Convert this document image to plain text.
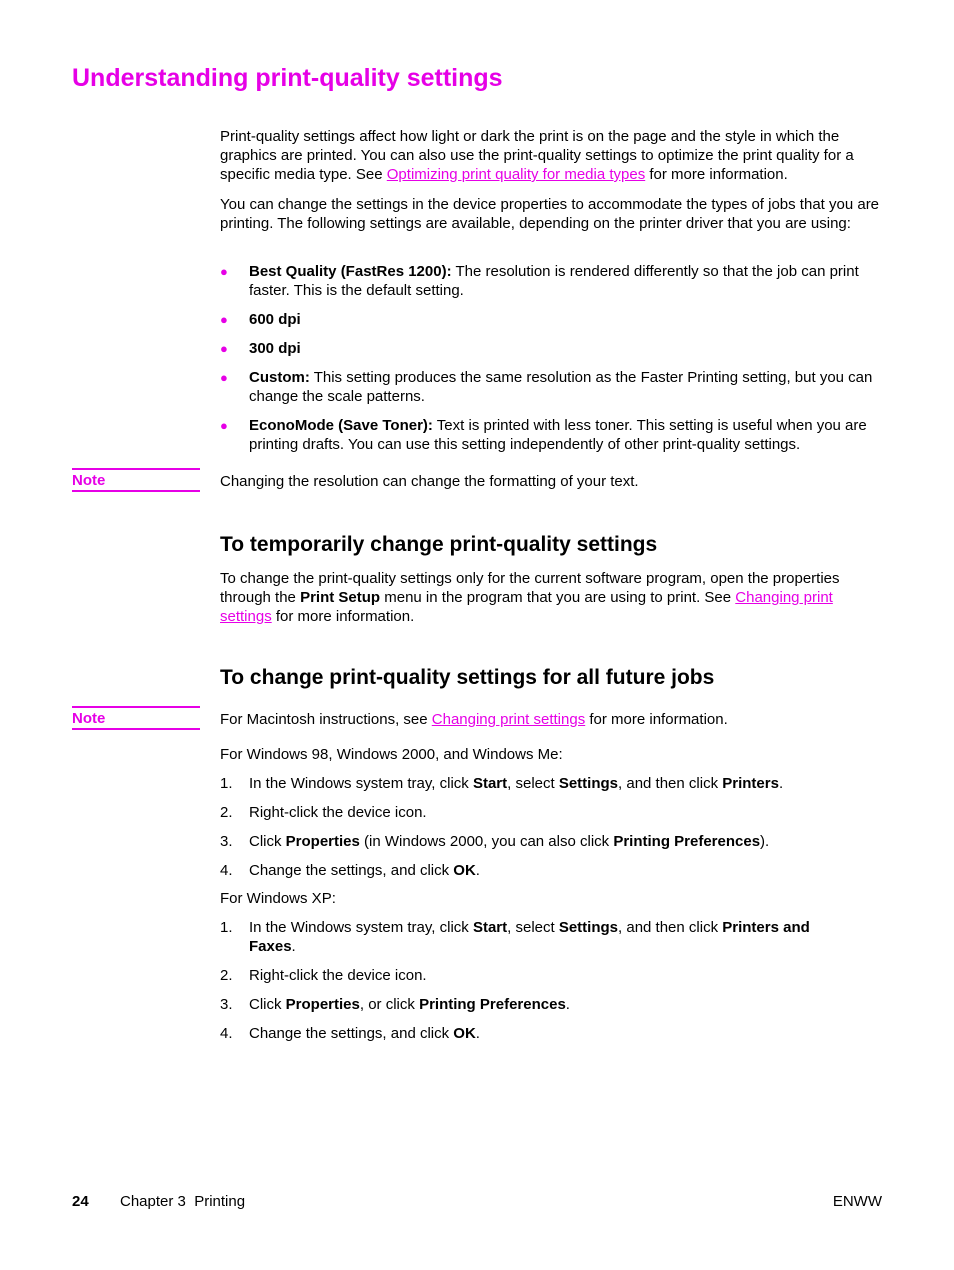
Understanding print-quality settings

Print-quality settings affect how light or dark the print is on the page and the style in which the graphics are printed. You can also use the print-quality settings to optimize the print quality for a specific media type. See Optimizing print quality for media types for more information.

You can change the settings in the device properties to accommodate the types of jobs that you are printing. The following settings are available, depending on the printer driver that you are using:

● Best Quality (FastRes 1200): The resolution is rendered differently so that the job can print faster. This is the default setting.
● 600 dpi
● 300 dpi
● Custom: This setting produces the same resolution as the Faster Printing setting, but you can change the scale patterns.
● EconoMode (Save Toner): Text is printed with less toner. This setting is useful when you are printing drafts. You can use this setting independently of other print-quality settings.
Note	Changing the resolution can change the formatting of your text.

To temporarily change print-quality settings

To change the print-quality settings only for the current software program, open the properties through the Print Setup menu in the program that you are using to print. See Changing print settings for more information.

To change print-quality settings for all future jobs
Note	For Macintosh instructions, see Changing print settings for more information.

For Windows 98, Windows 2000, and Windows Me:

1. In the Windows system tray, click Start, select Settings, and then click Printers.
2. Right-click the device icon.
3. Click Properties (in Windows 2000, you can also click Printing Preferences).
4. Change the settings, and click OK.

For Windows XP:

1. In the Windows system tray, click Start, select Settings, and then click Printers and Faxes.
2. Right-click the device icon.
3. Click Properties, or click Printing Preferences.
4. Change the settings, and click OK.
24 Chapter 3  Printing	ENWW
